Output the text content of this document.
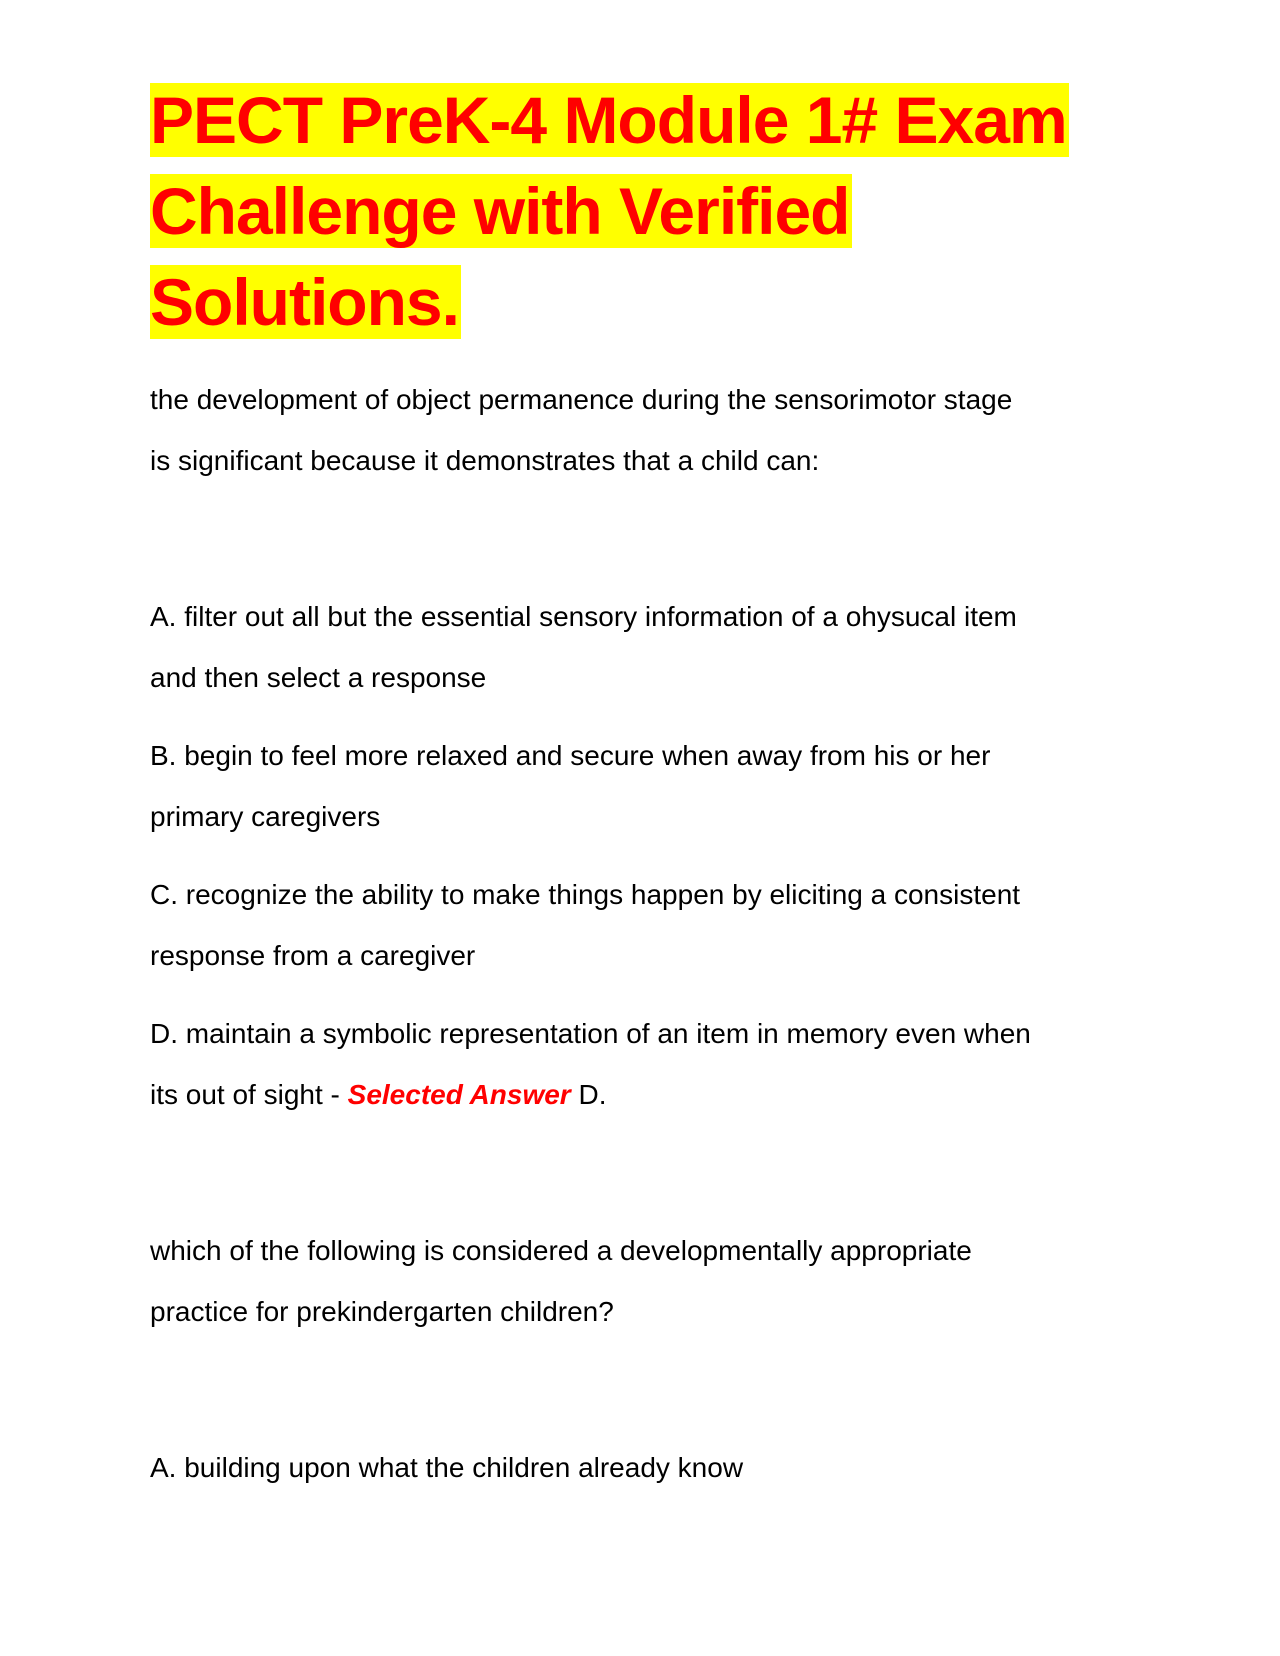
PECT PreK-4 Module 1# Exam
Challenge with Verified
Solutions.
the development of object permanence during the sensorimotor stage
is significant because it demonstrates that a child can:
A. filter out all but the essential sensory information of a ohysucal item
and then select a response
B. begin to feel more relaxed and secure when away from his or her
primary caregivers
C. recognize the ability to make things happen by eliciting a consistent
response from a caregiver
D. maintain a symbolic representation of an item in memory even when
its out of sight - Selected Answer D.
which of the following is considered a developmentally appropriate
practice for prekindergarten children?
A. building upon what the children already know
